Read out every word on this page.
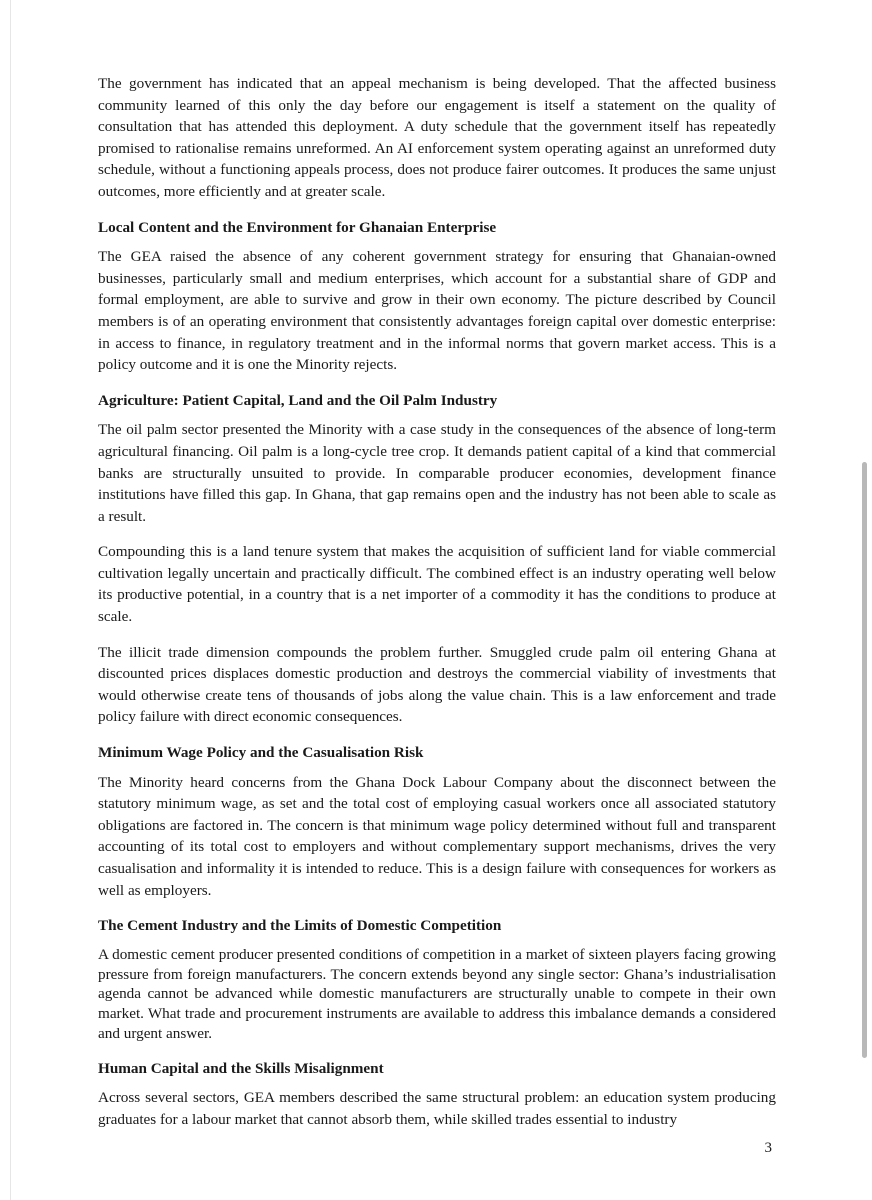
The government has indicated that an appeal mechanism is being developed. That the affected business community learned of this only the day before our engagement is itself a statement on the quality of consultation that has attended this deployment. A duty schedule that the government itself has repeatedly promised to rationalise remains unreformed. An AI enforcement system operating against an unreformed duty schedule, without a functioning appeals process, does not produce fairer outcomes. It produces the same unjust outcomes, more efficiently and at greater scale.

Local Content and the Environment for Ghanaian Enterprise

The GEA raised the absence of any coherent government strategy for ensuring that Ghanaian-owned businesses, particularly small and medium enterprises, which account for a substantial share of GDP and formal employment, are able to survive and grow in their own economy. The picture described by Council members is of an operating environment that consistently advantages foreign capital over domestic enterprise: in access to finance, in regulatory treatment and in the informal norms that govern market access. This is a policy outcome and it is one the Minority rejects.

Agriculture: Patient Capital, Land and the Oil Palm Industry

The oil palm sector presented the Minority with a case study in the consequences of the absence of long-term agricultural financing. Oil palm is a long-cycle tree crop. It demands patient capital of a kind that commercial banks are structurally unsuited to provide. In comparable producer economies, development finance institutions have filled this gap. In Ghana, that gap remains open and the industry has not been able to scale as a result.

Compounding this is a land tenure system that makes the acquisition of sufficient land for viable commercial cultivation legally uncertain and practically difficult. The combined effect is an industry operating well below its productive potential, in a country that is a net importer of a commodity it has the conditions to produce at scale.

The illicit trade dimension compounds the problem further. Smuggled crude palm oil entering Ghana at discounted prices displaces domestic production and destroys the commercial viability of investments that would otherwise create tens of thousands of jobs along the value chain. This is a law enforcement and trade policy failure with direct economic consequences.

Minimum Wage Policy and the Casualisation Risk

The Minority heard concerns from the Ghana Dock Labour Company about the disconnect between the statutory minimum wage, as set and the total cost of employing casual workers once all associated statutory obligations are factored in. The concern is that minimum wage policy determined without full and transparent accounting of its total cost to employers and without complementary support mechanisms, drives the very casualisation and informality it is intended to reduce. This is a design failure with consequences for workers as well as employers.

The Cement Industry and the Limits of Domestic Competition

A domestic cement producer presented conditions of competition in a market of sixteen players facing growing pressure from foreign manufacturers. The concern extends beyond any single sector: Ghana’s industrialisation agenda cannot be advanced while domestic manufacturers are structurally unable to compete in their own market. What trade and procurement instruments are available to address this imbalance demands a considered and urgent answer.

Human Capital and the Skills Misalignment

Across several sectors, GEA members described the same structural problem: an education system producing graduates for a labour market that cannot absorb them, while skilled trades essential to industry

3
